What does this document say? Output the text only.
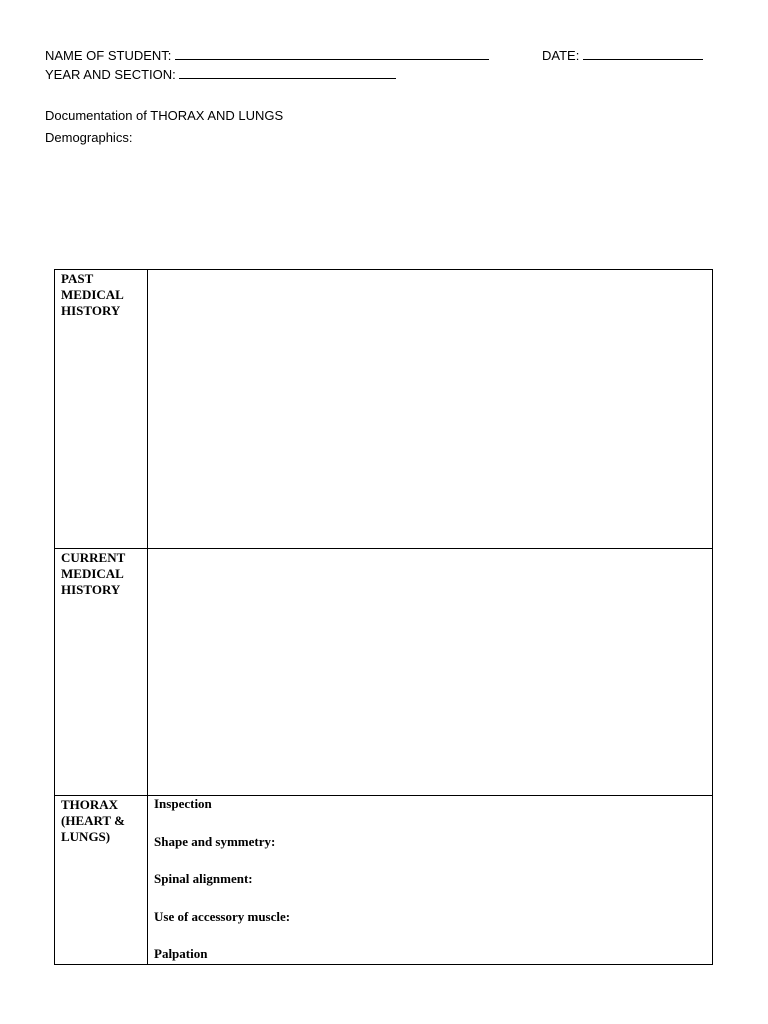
NAME OF STUDENT:	DATE:
YEAR AND SECTION:
Documentation of THORAX AND LUNGS
Demographics:
PAST
MEDICAL
HISTORY	

CURRENT
MEDICAL
HISTORY	

THORAX
(HEART &
LUNGS)	Inspection
Shape and symmetry:
Spinal alignment:
Use of accessory muscle:
Palpation
